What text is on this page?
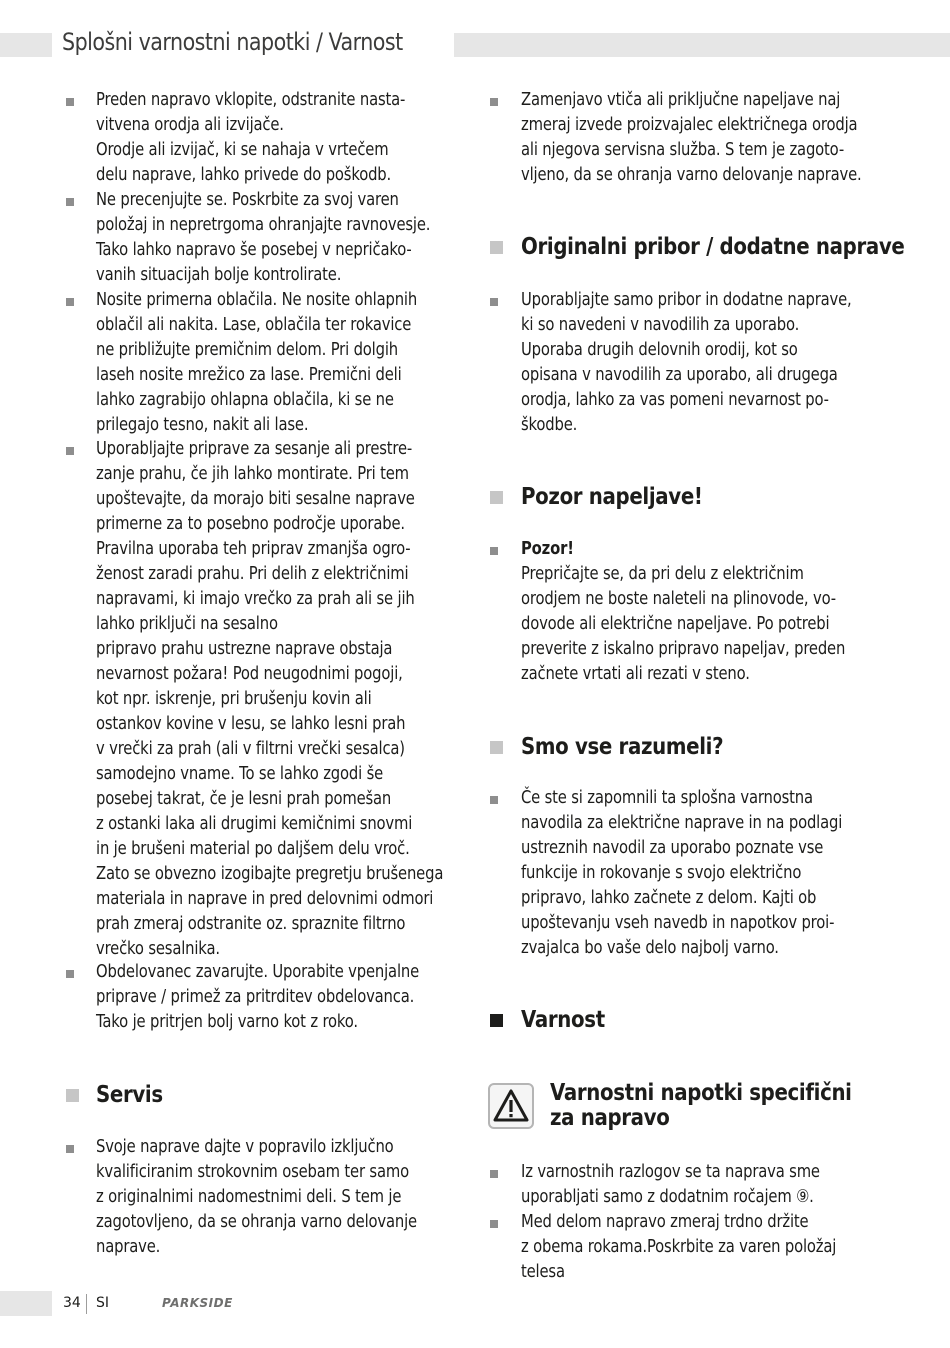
Splošni varnostni napotki / Varnost
Preden napravo vklopite, odstranite nasta-
vitvena orodja ali izvijače.
Orodje ali izvijač, ki se nahaja v vrtečem
delu naprave, lahko privede do poškodb.
Ne precenjujte se. Poskrbite za svoj varen
položaj in nepretrgoma ohranjajte ravnovesje.
Tako lahko napravo še posebej v nepričako-
vanih situacijah bolje kontrolirate.
Nosite primerna oblačila. Ne nosite ohlapnih
oblačil ali nakita. Lase, oblačila ter rokavice
ne približujte premičnim delom. Pri dolgih
laseh nosite mrežico za lase. Premični deli
lahko zagrabijo ohlapna oblačila, ki se ne
prilegajo tesno, nakit ali lase.
Uporabljajte priprave za sesanje ali prestre-
zanje prahu, če jih lahko montirate. Pri tem
upoštevajte, da morajo biti sesalne naprave
primerne za to posebno področje uporabe.
Pravilna uporaba teh priprav zmanjša ogro-
ženost zaradi prahu. Pri delih z električnimi
napravami, ki imajo vrečko za prah ali se jih
lahko priključi na sesalno
pripravo prahu ustrezne naprave obstaja
nevarnost požara! Pod neugodnimi pogoji,
kot npr. iskrenje, pri brušenju kovin ali
ostankov kovine v lesu, se lahko lesni prah
v vrečki za prah (ali v filtrni vrečki sesalca)
samodejno vname. To se lahko zgodi še
posebej takrat, če je lesni prah pomešan
z ostanki laka ali drugimi kemičnimi snovmi
in je brušeni material po daljšem delu vroč.
Zato se obvezno izogibajte pregretju brušenega
materiala in naprave in pred delovnimi odmori
prah zmeraj odstranite oz. spraznite filtrno
vrečko sesalnika.
Obdelovanec zavarujte. Uporabite vpenjalne
priprave / primež za pritrditev obdelovanca.
Tako je pritrjen bolj varno kot z roko.
Servis
Svoje naprave dajte v popravilo izključno
kvalificiranim strokovnim osebam ter samo
z originalnimi nadomestnimi deli. S tem je
zagotovljeno, da se ohranja varno delovanje
naprave.
Zamenjavo vtiča ali priključne napeljave naj
zmeraj izvede proizvajalec električnega orodja
ali njegova servisna služba. S tem je zagoto-
vljeno, da se ohranja varno delovanje naprave.
Originalni pribor / dodatne naprave
Uporabljajte samo pribor in dodatne naprave,
ki so navedeni v navodilih za uporabo.
Uporaba drugih delovnih orodij, kot so
opisana v navodilih za uporabo, ali drugega
orodja, lahko za vas pomeni nevarnost po-
škodbe.
Pozor napeljave!
Pozor!
Prepričajte se, da pri delu z električnim
orodjem ne boste naleteli na plinovode, vo-
dovode ali električne napeljave. Po potrebi
preverite z iskalno pripravo napeljav, preden
začnete vrtati ali rezati v steno.
Smo vse razumeli?
Če ste si zapomnili ta splošna varnostna
navodila za električne naprave in na podlagi
ustreznih navodil za uporabo poznate vse
funkcije in rokovanje s svojo električno
pripravo, lahko začnete z delom. Kajti ob
upoštevanju vseh navedb in napotkov proi-
zvajalca bo vaše delo najbolj varno.
Varnost
Varnostni napotki specifični
za napravo
Iz varnostnih razlogov se ta naprava sme
uporabljati samo z dodatnim ročajem ⑨.
Med delom napravo zmeraj trdno držite
z obema rokama.Poskrbite za varen položaj
telesa
34 SI	PARKSIDE
